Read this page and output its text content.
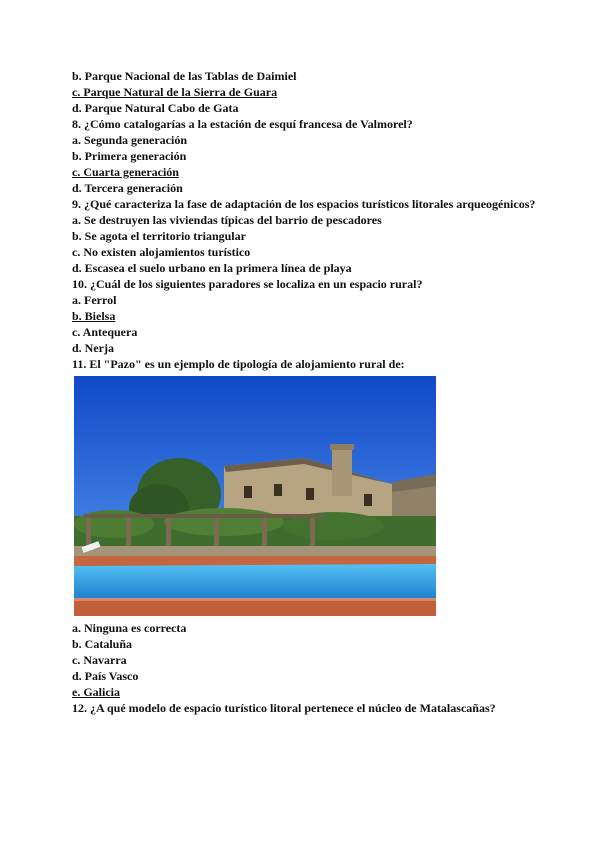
b. Parque Nacional de las Tablas de Daimiel
c. Parque Natural de la Sierra de Guara
d. Parque Natural Cabo de Gata
8. ¿Cómo catalogarías a la estación de esquí francesa de Valmorel?
a. Segunda generación
b. Primera generación
c. Cuarta generación
d. Tercera generación
9. ¿Qué caracteriza la fase de adaptación de los espacios turísticos litorales arqueogénicos?
a. Se destruyen las viviendas típicas del barrio de pescadores
b. Se agota el territorio triangular
c. No existen alojamientos turístico
d. Escasea el suelo urbano en la primera línea de playa
10. ¿Cuál de los siguientes paradores se localiza en un espacio rural?
a. Ferrol
b. Bielsa
c. Antequera
d. Nerja
11. El "Pazo" es un ejemplo de tipología de alojamiento rural de:
a. Ninguna es correcta
b. Cataluña
c. Navarra
d. País Vasco
e. Galicia
12. ¿A qué modelo de espacio turístico litoral pertenece el núcleo de Matalascañas?
